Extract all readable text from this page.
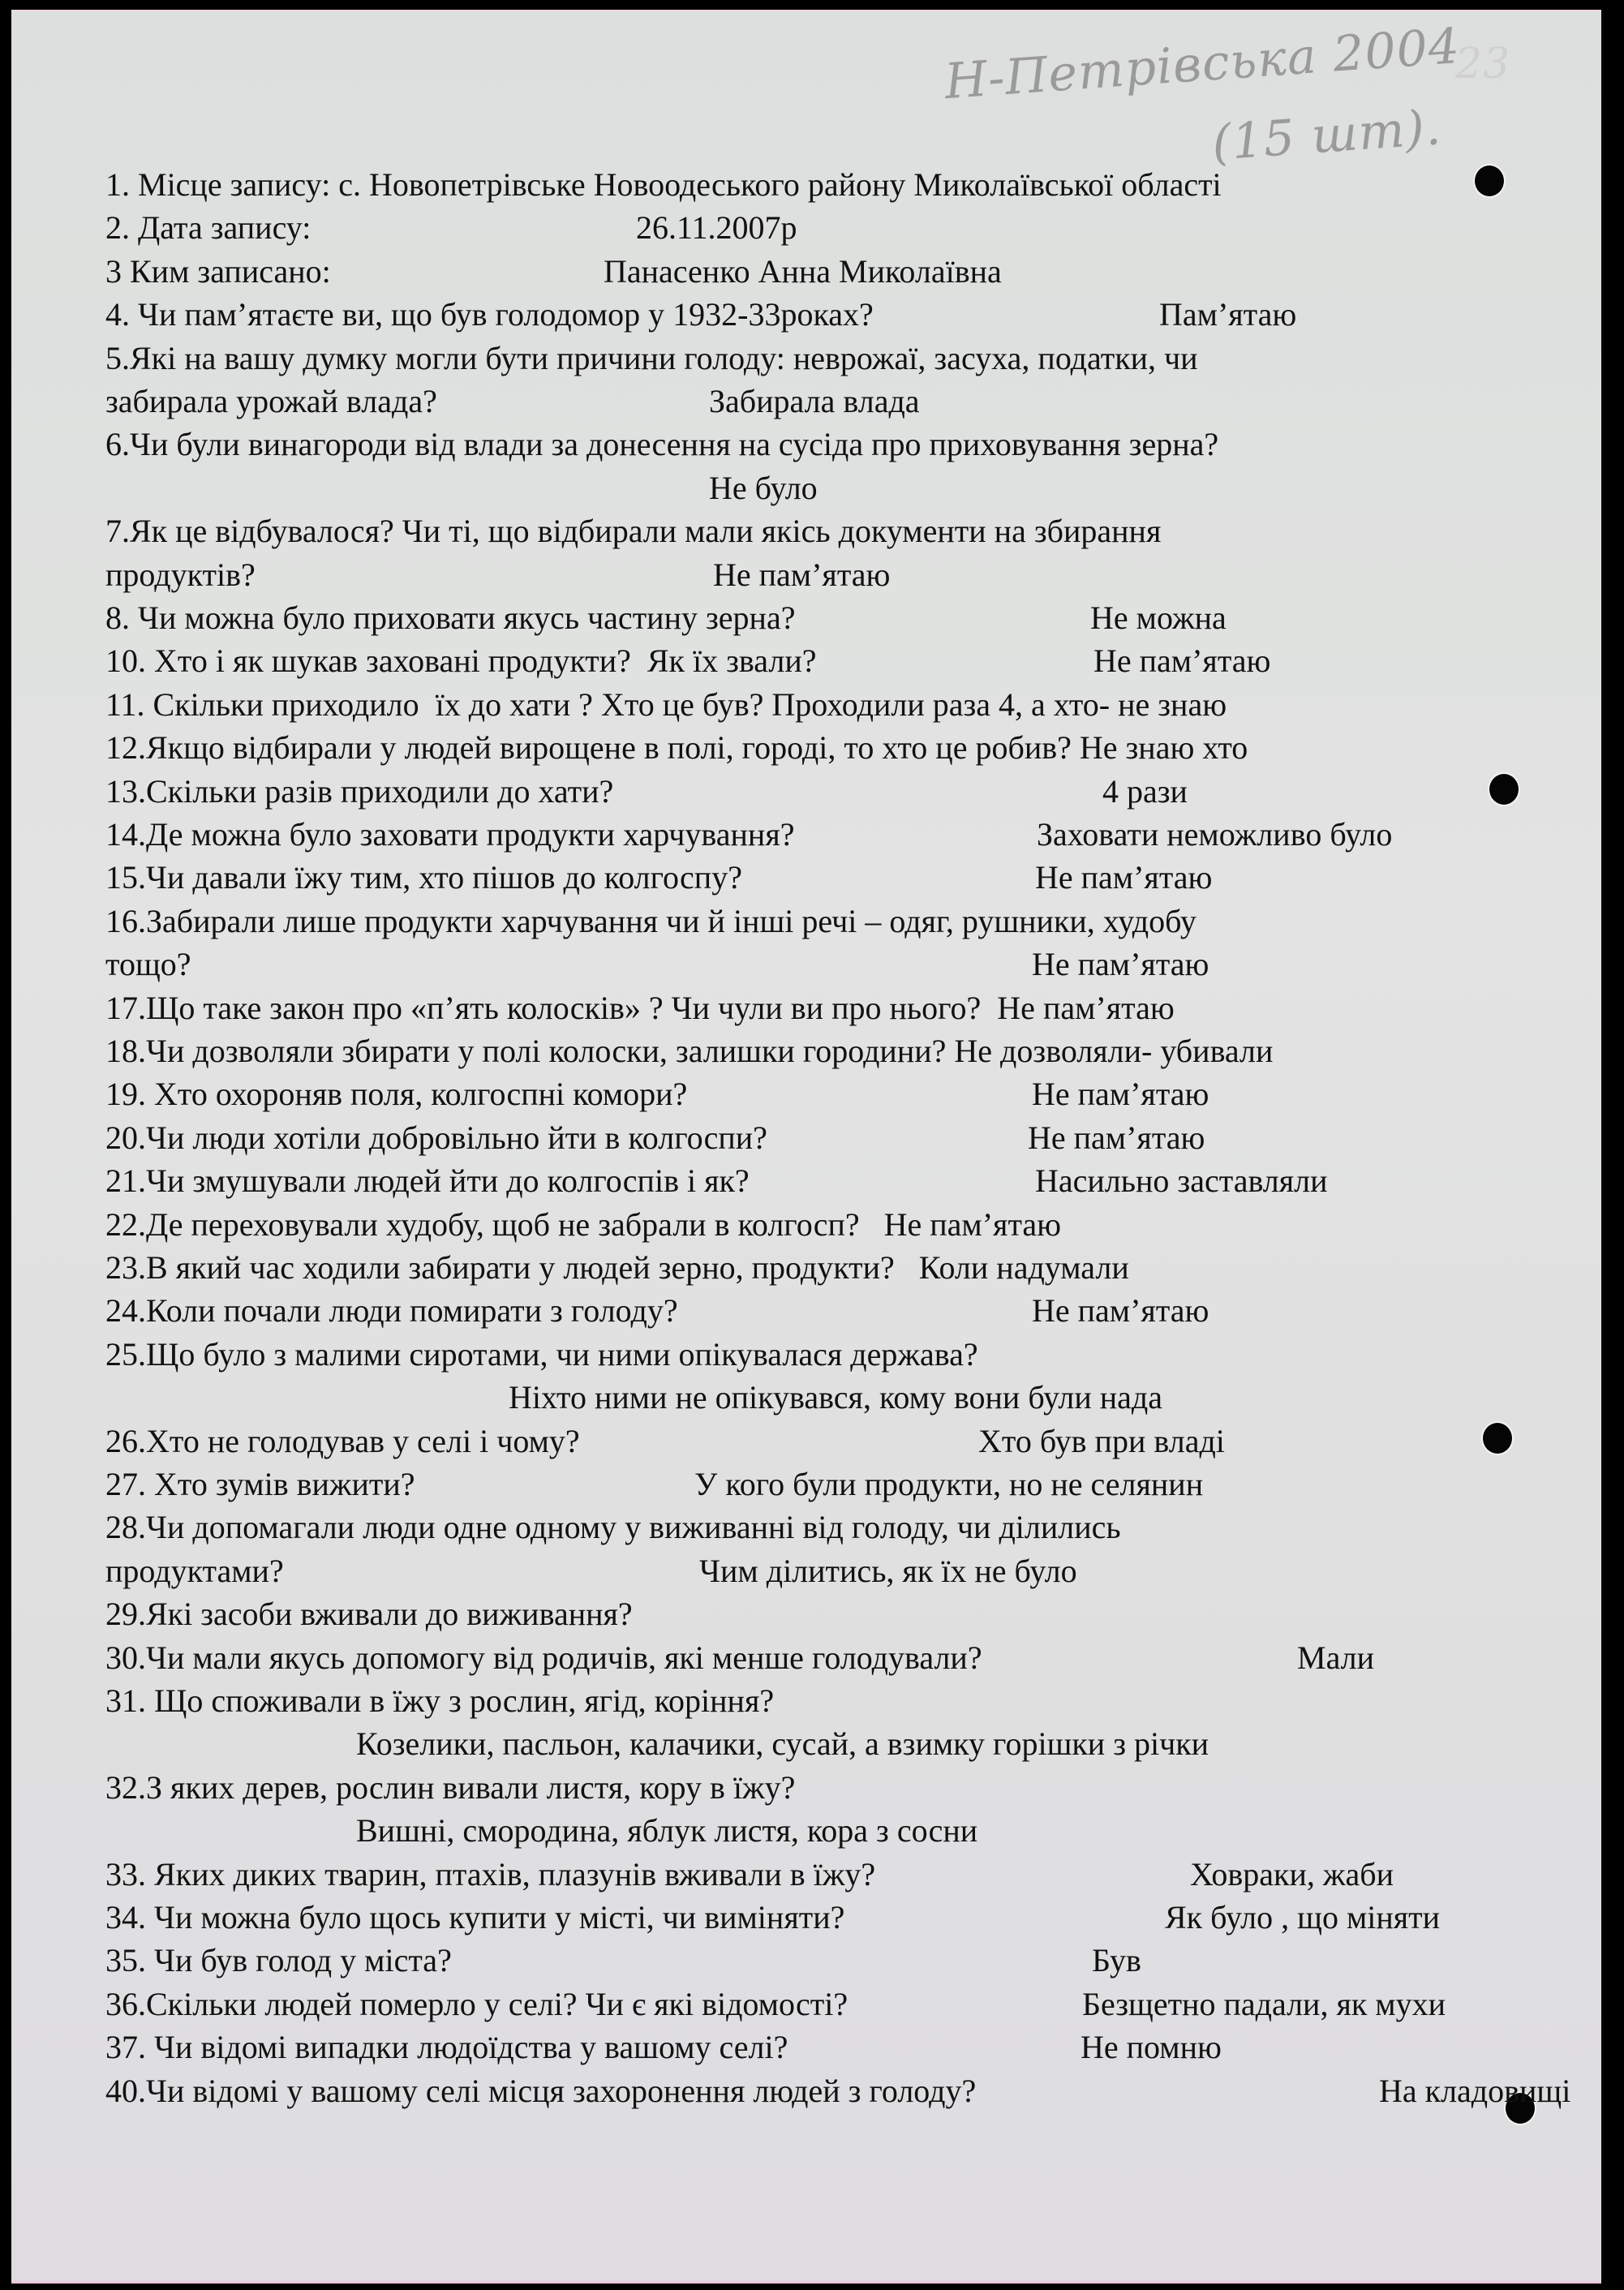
Н-Петрівська 2004
(15 шт).
23
1. Місце запису: с. Новопетрівське Новоодеського району Миколаївської області
2. Дата запису:	26.11.2007р
3 Ким записано:	Панасенко Анна Миколаївна
4. Чи пам’ятаєте ви, що був голодомор у 1932-33роках?	Пам’ятаю
5.Які на вашу думку могли бути причини голоду: неврожаї, засуха, податки, чи
забирала урожай влада?	Забирала влада
6.Чи були винагороди від влади за донесення на сусіда про приховування зерна?
Не було
7.Як це відбувалося? Чи ті, що відбирали мали якісь документи на збирання
продуктів?	Не пам’ятаю
8. Чи можна було приховати якусь частину зерна?	Не можна
10. Хто і як шукав заховані продукти?  Як їх звали?	Не пам’ятаю
11. Скільки приходило  їх до хати ? Хто це був? Проходили раза 4, а хто- не знаю
12.Якщо відбирали у людей вирощене в полі, городі, то хто це робив? Не знаю хто
13.Скільки разів приходили до хати?	4 рази
14.Де можна було заховати продукти харчування?	Заховати неможливо було
15.Чи давали їжу тим, хто пішов до колгоспу?	Не пам’ятаю
16.Забирали лише продукти харчування чи й інші речі – одяг, рушники, худобу
тощо?	Не пам’ятаю
17.Що таке закон про «п’ять колосків» ? Чи чули ви про нього?  Не пам’ятаю
18.Чи дозволяли збирати у полі колоски, залишки городини? Не дозволяли- убивали
19. Хто охороняв поля, колгоспні комори?	Не пам’ятаю
20.Чи люди хотіли добровільно йти в колгоспи?	Не пам’ятаю
21.Чи змушували людей йти до колгоспів і як?	Насильно заставляли
22.Де переховували худобу, щоб не забрали в колгосп?   Не пам’ятаю
23.В який час ходили забирати у людей зерно, продукти?   Коли надумали
24.Коли почали люди помирати з голоду?	Не пам’ятаю
25.Що було з малими сиротами, чи ними опікувалася держава?
Ніхто ними не опікувався, кому вони були нада
26.Хто не голодував у селі і чому?	Хто був при владі
27. Хто зумів вижити?	У кого були продукти, но не селянин
28.Чи допомагали люди одне одному у виживанні від голоду, чи ділились
продуктами?	Чим ділитись, як їх не було
29.Які засоби вживали до виживання?
30.Чи мали якусь допомогу від родичів, які менше голодували?	Мали
31. Що споживали в їжу з рослин, ягід, коріння?
Козелики, пасльон, калачики, сусай, а взимку горішки з річки
32.З яких дерев, рослин вивали листя, кору в їжу?
Вишні, смородина, яблук листя, кора з сосни
33. Яких диких тварин, птахів, плазунів вживали в їжу?	Ховраки, жаби
34. Чи можна було щось купити у місті, чи виміняти?	Як було , що міняти
35. Чи був голод у міста?	Був
36.Скільки людей померло у селі? Чи є які відомості?	Безщетно падали, як мухи
37. Чи відомі випадки людоїдства у вашому селі?	Не помню
40.Чи відомі у вашому селі місця захоронення людей з голоду?	На кладовищі
